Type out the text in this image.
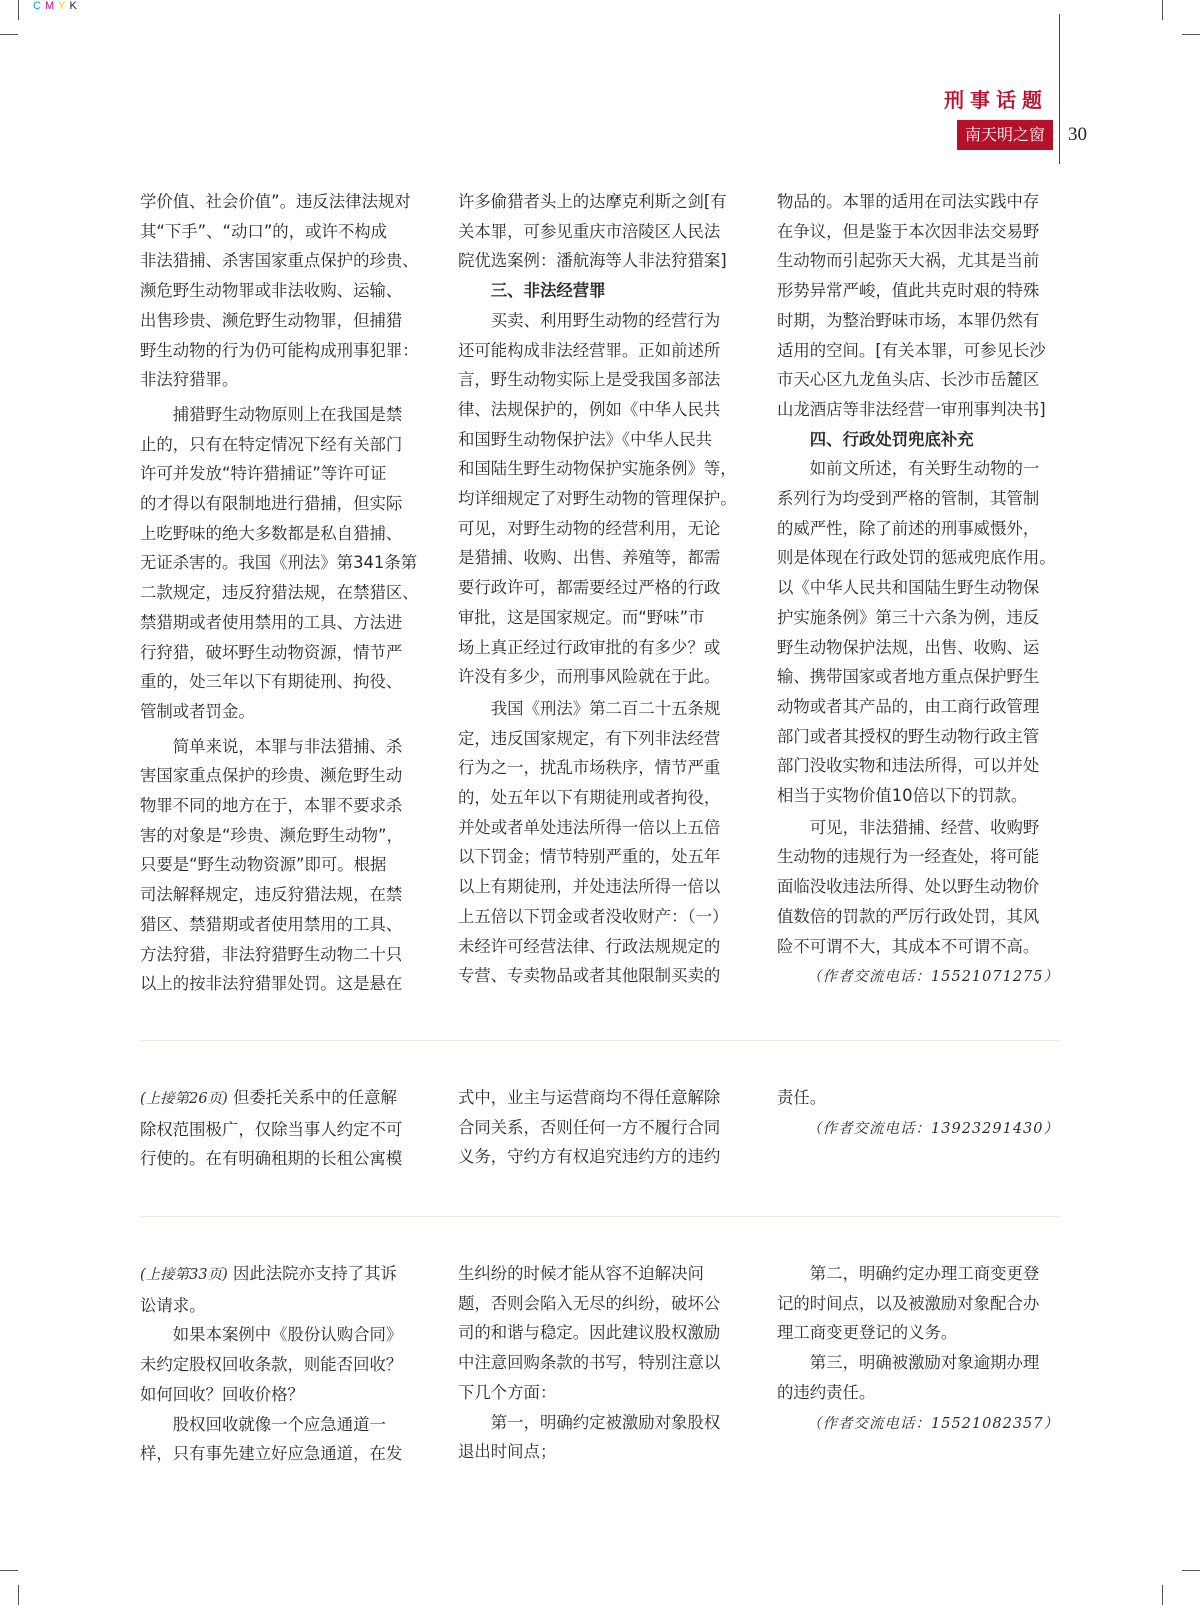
CMYK
刑事话题
南天明之窗	30

学价值、社会价值”。违反法律法规对
其“下手”、“动口”的，或许不构成
非法猎捕、杀害国家重点保护的珍贵、
濒危野生动物罪或非法收购、运输、
出售珍贵、濒危野生动物罪，但捕猎
野生动物的行为仍可能构成刑事犯罪：
非法狩猎罪。

捕猎野生动物原则上在我国是禁
止的，只有在特定情况下经有关部门
许可并发放“特许猎捕证”等许可证
的才得以有限制地进行猎捕，但实际
上吃野味的绝大多数都是私自猎捕、
无证杀害的。我国《刑法》第341条第
二款规定，违反狩猎法规，在禁猎区、
禁猎期或者使用禁用的工具、方法进
行狩猎，破坏野生动物资源，情节严
重的，处三年以下有期徒刑、拘役、
管制或者罚金。

简单来说，本罪与非法猎捕、杀
害国家重点保护的珍贵、濒危野生动
物罪不同的地方在于，本罪不要求杀
害的对象是“珍贵、濒危野生动物”，
只要是“野生动物资源”即可。根据
司法解释规定，违反狩猎法规，在禁
猎区、禁猎期或者使用禁用的工具、
方法狩猎，非法狩猎野生动物二十只
以上的按非法狩猎罪处罚。这是悬在

许多偷猎者头上的达摩克利斯之剑[有
关本罪，可参见重庆市涪陵区人民法
院优选案例：潘航海等人非法狩猎案]

三、非法经营罪

买卖、利用野生动物的经营行为
还可能构成非法经营罪。正如前述所
言，野生动物实际上是受我国多部法
律、法规保护的，例如《中华人民共
和国野生动物保护法》《中华人民共
和国陆生野生动物保护实施条例》等，
均详细规定了对野生动物的管理保护。
可见，对野生动物的经营利用，无论
是猎捕、收购、出售、养殖等，都需
要行政许可，都需要经过严格的行政
审批，这是国家规定。而“野味”市
场上真正经过行政审批的有多少？或
许没有多少，而刑事风险就在于此。

我国《刑法》第二百二十五条规
定，违反国家规定，有下列非法经营
行为之一，扰乱市场秩序，情节严重
的，处五年以下有期徒刑或者拘役，
并处或者单处违法所得一倍以上五倍
以下罚金；情节特别严重的，处五年
以上有期徒刑，并处违法所得一倍以
上五倍以下罚金或者没收财产：（一）
未经许可经营法律、行政法规规定的
专营、专卖物品或者其他限制买卖的

物品的。本罪的适用在司法实践中存
在争议，但是鉴于本次因非法交易野
生动物而引起弥天大祸，尤其是当前
形势异常严峻，值此共克时艰的特殊
时期，为整治野味市场，本罪仍然有
适用的空间。[有关本罪，可参见长沙
市天心区九龙鱼头店、长沙市岳麓区
山龙酒店等非法经营一审刑事判决书]

四、行政处罚兜底补充

如前文所述，有关野生动物的一
系列行为均受到严格的管制，其管制
的威严性，除了前述的刑事威慑外，
则是体现在行政处罚的惩戒兜底作用。
以《中华人民共和国陆生野生动物保
护实施条例》第三十六条为例，违反
野生动物保护法规，出售、收购、运
输、携带国家或者地方重点保护野生
动物或者其产品的，由工商行政管理
部门或者其授权的野生动物行政主管
部门没收实物和违法所得，可以并处
相当于实物价值10倍以下的罚款。

可见，非法猎捕、经营、收购野
生动物的违规行为一经查处，将可能
面临没收违法所得、处以野生动物价
值数倍的罚款的严厉行政处罚，其风
险不可谓不大，其成本不可谓不高。

（作者交流电话：15521071275）

(上接第26页) 但委托关系中的任意解
除权范围极广，仅除当事人约定不可
行使的。在有明确租期的长租公寓模

式中，业主与运营商均不得任意解除
合同关系，否则任何一方不履行合同
义务，守约方有权追究违约方的违约

责任。

（作者交流电话：13923291430）

(上接第33页) 因此法院亦支持了其诉
讼请求。

如果本案例中《股份认购合同》
未约定股权回收条款，则能否回收？
如何回收？回收价格？

股权回收就像一个应急通道一
样，只有事先建立好应急通道，在发

生纠纷的时候才能从容不迫解决问
题，否则会陷入无尽的纠纷，破坏公
司的和谐与稳定。因此建议股权激励
中注意回购条款的书写，特别注意以
下几个方面：

第一，明确约定被激励对象股权
退出时间点；

第二，明确约定办理工商变更登
记的时间点，以及被激励对象配合办
理工商变更登记的义务。

第三，明确被激励对象逾期办理
的违约责任。

（作者交流电话：15521082357）
